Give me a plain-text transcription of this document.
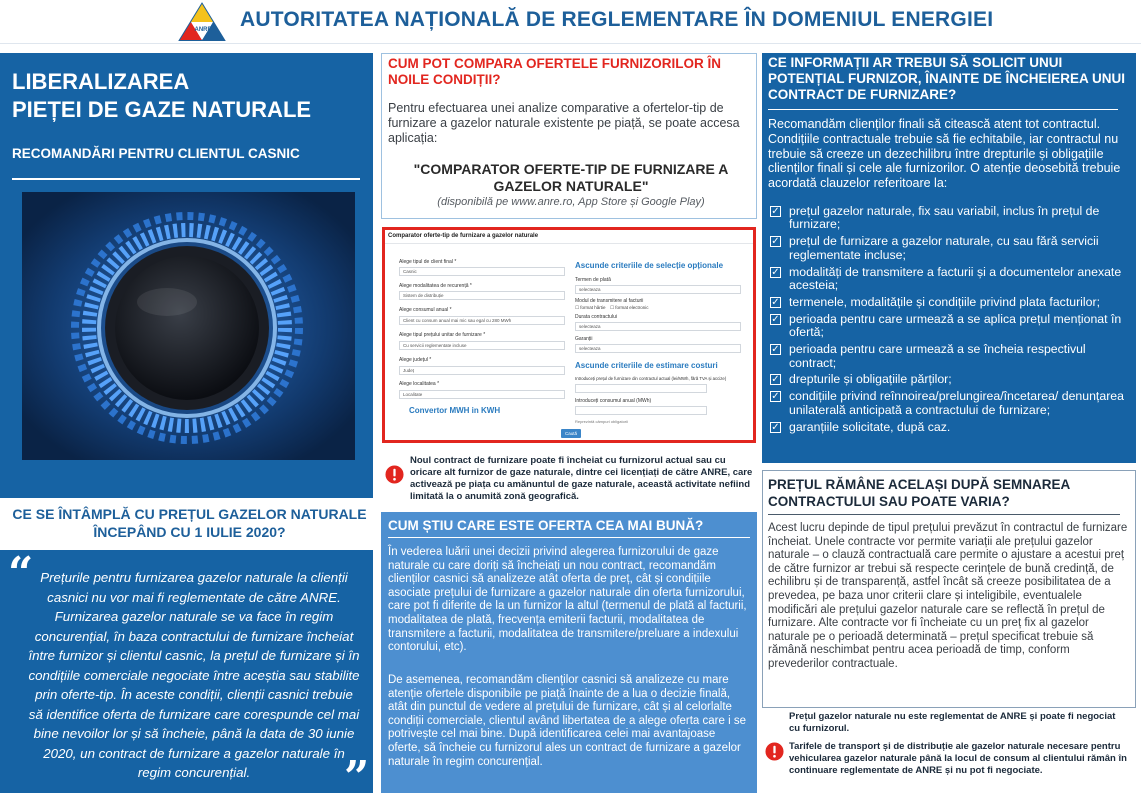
ANRE AUTORITATEA NAȚIONALĂ DE REGLEMENTARE ÎN DOMENIUL ENERGIEI
LIBERALIZAREA
PIEȚEI DE GAZE NATURALE
RECOMANDĂRI PENTRU CLIENTUL CASNIC
CE SE ÎNTÂMPLĂ CU PREȚUL GAZELOR NATURALE ÎNCEPÂND CU 1 IULIE 2020?
“
”
Prețurile pentru furnizarea gazelor naturale la clienții casnici nu vor mai fi reglementate de către ANRE. Furnizarea gazelor naturale se va face în regim concurențial, în baza contractului de furnizare încheiat între furnizor și clientul casnic, la prețul de furnizare și în condițiile comerciale negociate între aceștia sau stabilite prin oferte-tip. În aceste condiții, clienții casnici trebuie să identifice oferta de furnizare care corespunde cel mai bine nevoilor lor și să încheie, până la data de 30 iunie 2020, un contract de furnizare a gazelor naturale în regim concurențial.
CUM POT COMPARA OFERTELE FURNIZORILOR ÎN NOILE CONDIȚII?
Pentru efectuarea unei analize comparative a ofertelor-tip de furnizare a gazelor naturale existente pe piață, se poate accesa aplicația:
"COMPARATOR OFERTE-TIP DE FURNIZARE A GAZELOR NATURALE"
(disponibilă pe www.anre.ro, App Store și Google Play)
Comparator oferte-tip de furnizare a gazelor naturale
Alege tipul de client final *
Casnic
Alege modalitatea de recurență *
Sistem de distribuție
Alege consumul anual *
Client cu consum anual mai mic sau egal cu 280 MWh
Alege tipul prețului unitar de furnizare *
Cu servicii reglementate incluse
Alege județul *
Județ
Alege localitatea *
Localitate
Convertor MWH in KWH
Ascunde criteriile de selecție opționale
Termen de plată
selecteaza
Modul de transmitere al facturii
☐ format hârtie ☐ format electronic
Durata contractului
selecteaza
Garanții
selecteaza
Ascunde criteriile de estimare costuri
Introduceți prețul de furnizare din contractul actual (lei/MWh, fără TVA și accize)
Introduceți consumul anual (MWh)
Reprezintă câmpuri obligatorii
Caută
Noul contract de furnizare poate fi încheiat cu furnizorul actual sau cu oricare alt furnizor de gaze naturale, dintre cei licențiați de către ANRE, care activează pe piața cu amănuntul de gaze naturale, această activitate nefiind limitată la o anumită zonă geografică.
CUM ȘTIU CARE ESTE OFERTA CEA MAI BUNĂ?
În vederea luării unei decizii privind alegerea furnizorului de gaze naturale cu care doriți să încheiați un nou contract, recomandăm clienților casnici să analizeze atât oferta de preț, cât și condițiile asociate prețului de furnizare a gazelor naturale din oferta furnizorului, care pot fi diferite de la un furnizor la altul (termenul de plată al facturii, modalitatea de plată, frecvența emiterii facturii, modalitatea de transmitere a facturii, modalitatea de transmitere/preluare a indexului contorului, etc).
De asemenea, recomandăm clienților casnici să analizeze cu mare atenție ofertele disponibile pe piață înainte de a lua o decizie finală, atât din punctul de vedere al prețului de furnizare, cât și al celorlalte condiții comerciale, clientul având libertatea de a alege oferta care i se potrivește cel mai bine. După identificarea celei mai avantajoase oferte, să încheie cu furnizorul ales un contract de furnizare a gazelor naturale în regim concurențial.
CE INFORMAȚII AR TREBUI SĂ SOLICIT UNUI POTENȚIAL FURNIZOR, ÎNAINTE DE ÎNCHEIEREA UNUI CONTRACT DE FURNIZARE?
Recomandăm clienților finali să citească atent tot contractul. Condițiile contractuale trebuie să fie echitabile, iar contractul nu trebuie să creeze un dezechilibru între drepturile și obligațiile clienților finali și cele ale furnizorilor. O atenție deosebită trebuie acordată clauzelor referitoare la:
✓ prețul gazelor naturale, fix sau variabil, inclus în prețul de furnizare;
✓ prețul de furnizare a gazelor naturale, cu sau fără servicii reglementate incluse;
✓ modalități de transmitere a facturii și a documentelor anexate acesteia;
✓ termenele, modalitățile și condițiile privind plata facturilor;
✓ perioada pentru care urmează a se aplica prețul menționat în ofertă;
✓ perioada pentru care urmează a se încheia respectivul contract;
✓ drepturile și obligațiile părților;
✓ condițiile privind reînnoirea/prelungirea/încetarea/ denunțarea unilaterală anticipată a contractului de furnizare;
✓ garanțiile solicitate, după caz.
PREȚUL RĂMÂNE ACELAȘI DUPĂ SEMNAREA CONTRACTULUI SAU POATE VARIA?
Acest lucru depinde de tipul prețului prevăzut în contractul de furnizare încheiat. Unele contracte vor permite variații ale prețului gazelor naturale – o clauză contractuală care permite o ajustare a acestui preț de către furnizor ar trebui să respecte cerințele de bună credință, de echilibru și de transparență, astfel încât să creeze posibilitatea de a prevedea, pe baza unor criterii clare și inteligibile, eventualele modificări ale prețului gazelor naturale care se reflectă în prețul de furnizare. Alte contracte vor fi încheiate cu un preț fix al gazelor naturale pe o perioadă determinată – prețul specificat trebuie să rămână neschimbat pentru acea perioadă de timp, conform prevederilor contractuale.
Prețul gazelor naturale nu este reglementat de ANRE și poate fi negociat cu furnizorul.
Tarifele de transport și de distribuție ale gazelor naturale necesare pentru vehicularea gazelor naturale până la locul de consum al clientului rămân în continuare reglementate de ANRE și nu pot fi negociate.
